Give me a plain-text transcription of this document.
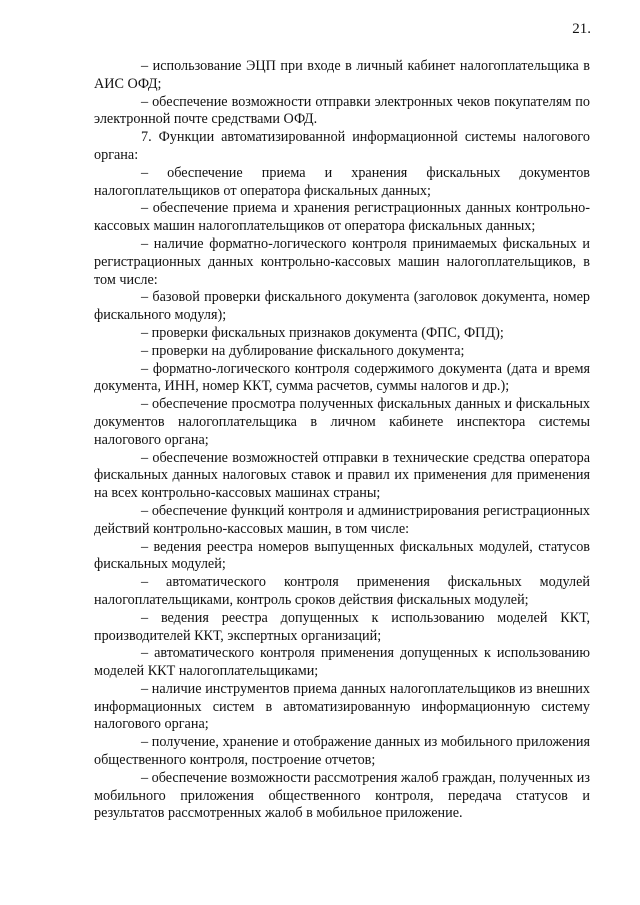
21.

– использование ЭЦП при входе в личный кабинет налогоплательщика в АИС ОФД;

– обеспечение возможности отправки электронных чеков покупателям по электронной почте средствами ОФД.

7. Функции автоматизированной информационной системы налогового органа:

– обеспечение приема и хранения фискальных документов налогоплательщиков от оператора фискальных данных;

– обеспечение приема и хранения регистрационных данных контрольно-кассовых машин налогоплательщиков от оператора фискальных данных;

– наличие форматно-логического контроля принимаемых фискальных и регистрационных данных контрольно-кассовых машин налогоплательщиков, в том числе:

– базовой проверки фискального документа (заголовок документа, номер фискального модуля);

– проверки фискальных признаков документа (ФПС, ФПД);

– проверки на дублирование фискального документа;

– форматно-логического контроля содержимого документа (дата и время документа, ИНН, номер ККТ, сумма расчетов, суммы налогов и др.);

– обеспечение просмотра полученных фискальных данных и фискальных документов налогоплательщика в личном кабинете инспектора системы налогового органа;

– обеспечение возможностей отправки в технические средства оператора фискальных данных налоговых ставок и правил их применения для применения на всех контрольно-кассовых машинах страны;

– обеспечение функций контроля и администрирования регистрационных действий контрольно-кассовых машин, в том числе:

– ведения реестра номеров выпущенных фискальных модулей, статусов фискальных модулей;

– автоматического контроля применения фискальных модулей налогоплательщиками, контроль сроков действия фискальных модулей;

– ведения реестра допущенных к использованию моделей ККТ, производителей ККТ, экспертных организаций;

– автоматического контроля применения допущенных к использованию моделей ККТ налогоплательщиками;

– наличие инструментов приема данных налогоплательщиков из внешних информационных систем в автоматизированную информационную систему налогового органа;

– получение, хранение и отображение данных из мобильного приложения общественного контроля, построение отчетов;

– обеспечение возможности рассмотрения жалоб граждан, полученных из мобильного приложения общественного контроля, передача статусов и результатов рассмотренных жалоб в мобильное приложение.
